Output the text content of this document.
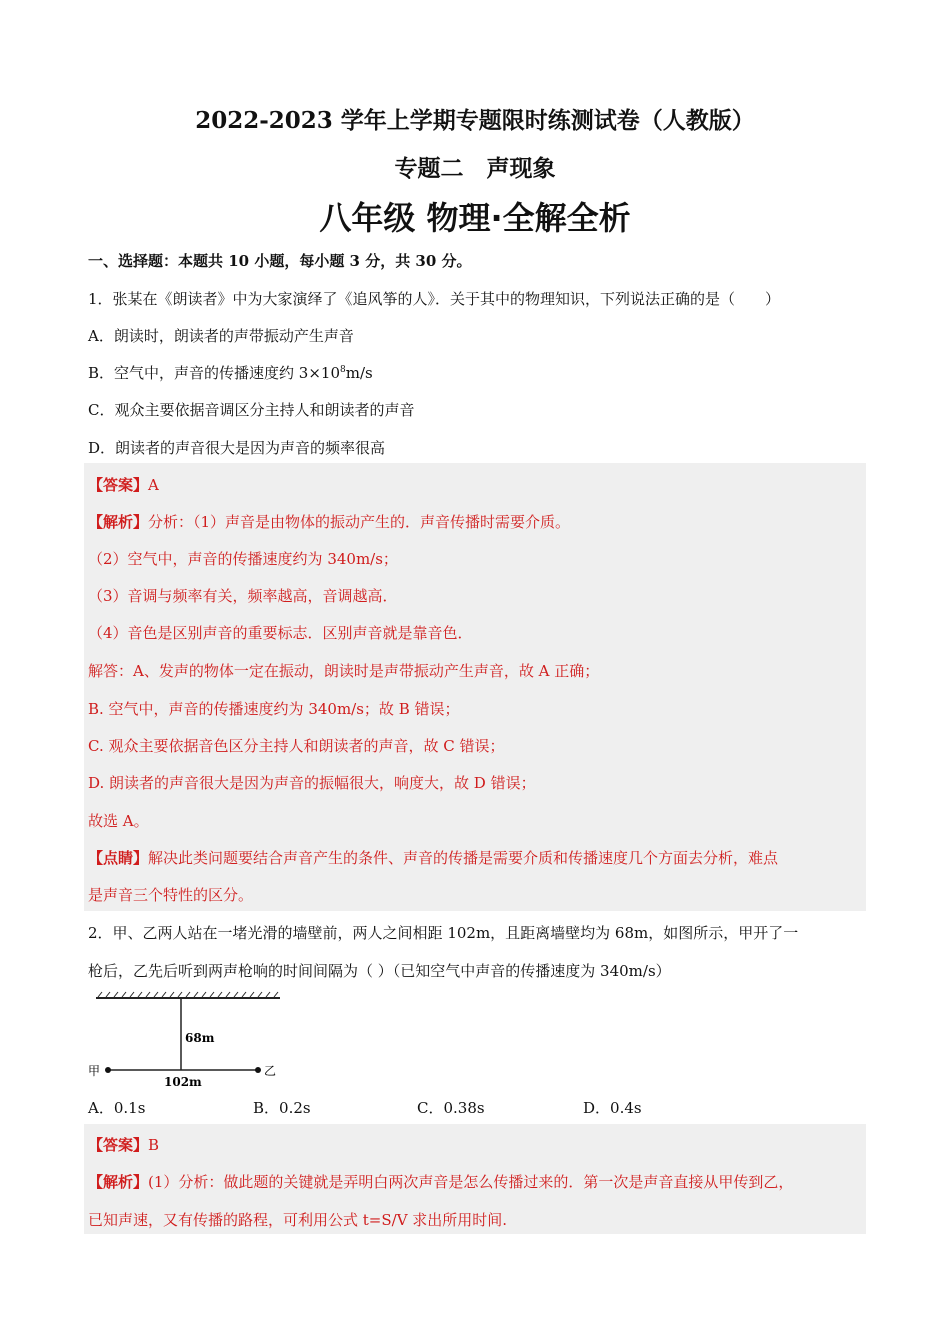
2022-2023 学年上学期专题限时练测试卷（人教版）
专题二　声现象
八年级 物理·全解全析
一、选择题：本题共 10 小题，每小题 3 分，共 30 分。
1．张某在《朗读者》中为大家演绎了《追风筝的人》．关于其中的物理知识，下列说法正确的是（　　）
A．朗读时，朗读者的声带振动产生声音
B．空气中，声音的传播速度约 $3\times 10^8m/s$
C．观众主要依据音调区分主持人和朗读者的声音
D．朗读者的声音很大是因为声音的频率很高
【答案】A
【解析】分析：（1）声音是由物体的振动产生的．声音传播时需要介质。
（2）空气中，声音的传播速度约为 340m/s；
（3）音调与频率有关，频率越高，音调越高．
（4）音色是区别声音的重要标志．区别声音就是靠音色．
解答：A、发声的物体一定在振动，朗读时是声带振动产生声音，故 A 正确；
B. 空气中，声音的传播速度约为 340m/s；故 B 错误；
C. 观众主要依据音色区分主持人和朗读者的声音，故 C 错误；
D. 朗读者的声音很大是因为声音的振幅很大，响度大，故 D 错误；
故选 A。
【点睛】解决此类问题要结合声音产生的条件、声音的传播是需要介质和传播速度几个方面去分析，难点
是声音三个特性的区分。
2．甲、乙两人站在一堵光滑的墙壁前，两人之间相距 102m，且距离墙壁均为 68m，如图所示，甲开了一
枪后，乙先后听到两声枪响的时间间隔为（ ）（已知空气中声音的传播速度为 340m/s）
68m
102m
甲	乙
A．0.1s	B．0.2s	C．0.38s	D．0.4s
【答案】B
【解析】(1）分析：做此题的关键就是弄明白两次声音是怎么传播过来的．第一次是声音直接从甲传到乙，
已知声速，又有传播的路程，可利用公式 t=S/V 求出所用时间.
